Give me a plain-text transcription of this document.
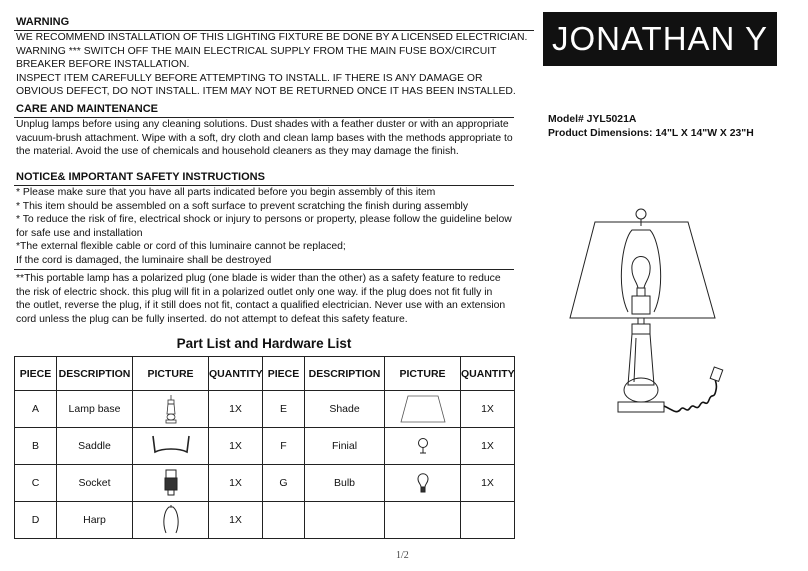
WARNING
WE RECOMMEND INSTALLATION OF THIS LIGHTING FIXTURE BE DONE BY A LICENSED ELECTRICIAN.
WARNING *** SWITCH OFF THE MAIN ELECTRICAL SUPPLY FROM THE MAIN FUSE BOX/CIRCUIT
BREAKER BEFORE INSTALLATION.
INSPECT ITEM CAREFULLY BEFORE ATTEMPTING TO INSTALL. IF THERE IS ANY DAMAGE OR
OBVIOUS DEFECT, DO NOT INSTALL. ITEM MAY NOT BE RETURNED ONCE IT HAS BEEN INSTALLED.
CARE AND MAINTENANCE
Unplug lamps before using any cleaning solutions. Dust shades with a feather duster or with an appropriate
vacuum-brush attachment. Wipe with a soft, dry cloth and clean lamp bases with the methods appropriate to
the material. Avoid the use of chemicals and household cleaners as they may damage the finish.
NOTICE& IMPORTANT SAFETY INSTRUCTIONS
* Please make sure that you have all parts indicated before you begin assembly of this item
* This item should be assembled on a soft surface to prevent scratching the finish during assembly
* To reduce the risk of fire, electrical shock or injury to persons or property, please follow the guideline below
for safe use and installation
*The external flexible cable or cord of this luminaire cannot be replaced;
If the cord is damaged, the luminaire shall be destroyed
**This portable lamp has a polarized plug (one blade is wider than the other) as a safety feature to reduce
the risk of electric shock. this plug will fit in a polarized outlet only one way. if the plug does not fit fully in
the outlet, reverse the plug, if it still does not fit, contact a qualified electrician. Never use with an extension
cord unless the plug can be fully inserted. do not attempt to defeat this safety feature.
JONATHAN Y
Model# JYL5021A
Product Dimensions: 14"L X 14"W X 23"H
Part List and Hardware List
PIECE	DESCRIPTION	PICTURE	QUANTITY	PIECE	DESCRIPTION	PICTURE	QUANTITY
A	Lamp base		1X	E	Shade		1X
B	Saddle		1X	F	Finial		1X
C	Socket		1X	G	Bulb		1X
D	Harp		1X				
1/2
